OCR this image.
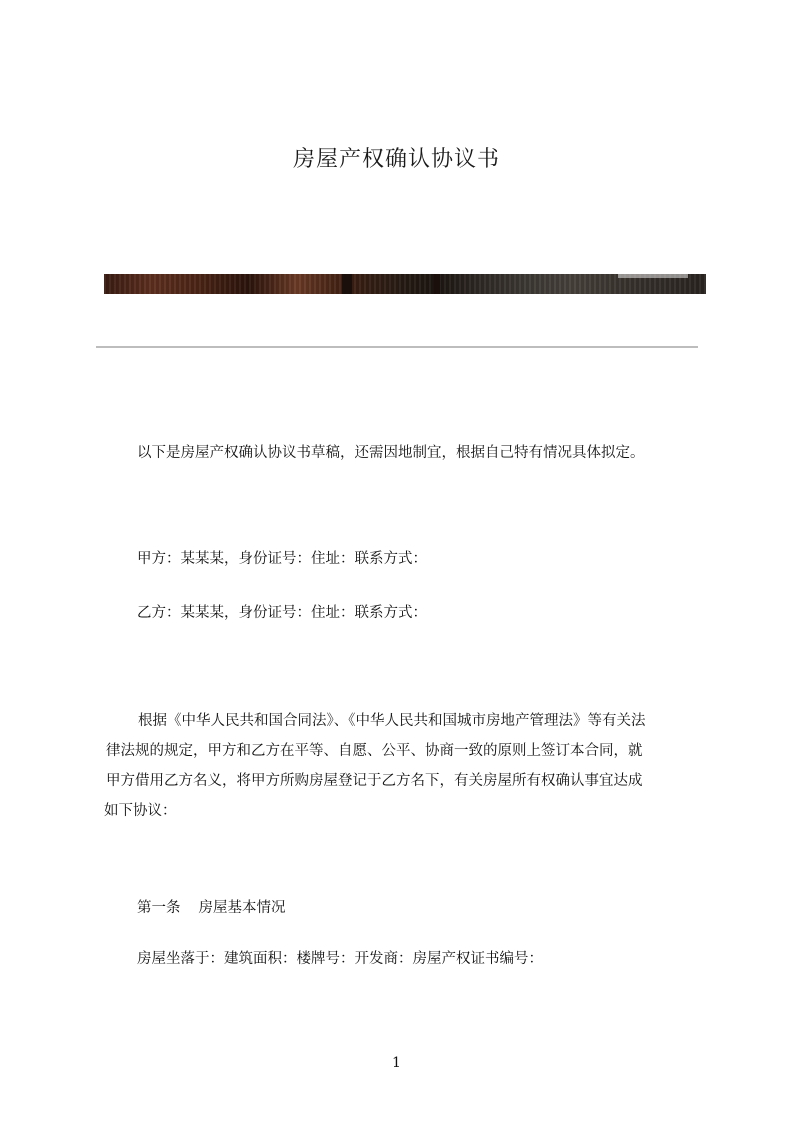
房屋产权确认协议书
以下是房屋产权确认协议书草稿，还需因地制宜，根据自己特有情况具体拟定。
甲方：某某某，身份证号：住址：联系方式：
乙方：某某某，身份证号：住址：联系方式：
根据《中华人民共和国合同法》、《中华人民共和国城市房地产管理法》等有关法
律法规的规定，甲方和乙方在平等、自愿、公平、协商一致的原则上签订本合同，就
甲方借用乙方名义，将甲方所购房屋登记于乙方名下，有关房屋所有权确认事宜达成
如下协议：
第一条 房屋基本情况
房屋坐落于：建筑面积：楼牌号：开发商：房屋产权证书编号：
1
